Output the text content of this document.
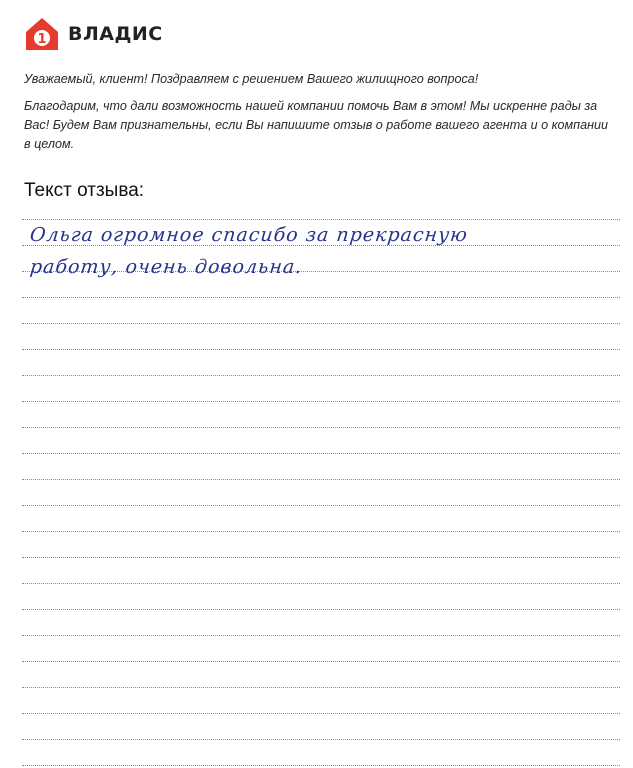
1 ВЛАДИС

Уважаемый, клиент! Поздравляем с решением Вашего жилищного вопроса!

Благодарим, что дали возможность нашей компании помочь Вам в этом! Мы искренне рады за Вас! Будем Вам признательны, если Вы напишите отзыв о работе вашего агента и о компании в целом.

Текст отзыва:

Ольга огромное спасибо за прекрасную

работу, очень довольна.
